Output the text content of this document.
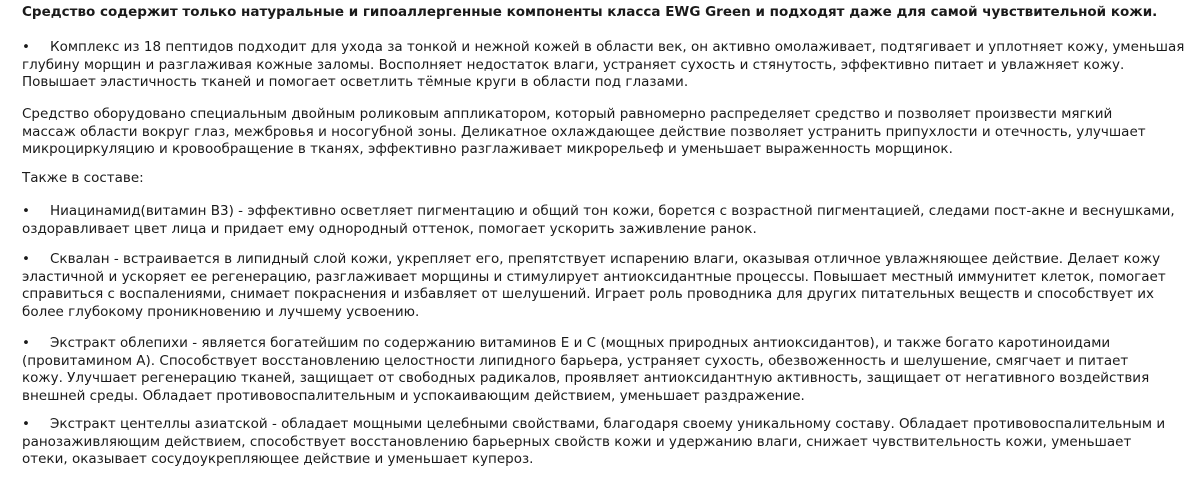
Средство содержит только натуральные и гипоаллергенные компоненты класса EWG Green и подходят даже для самой чувствительной кожи.

• Комплекс из 18 пептидов подходит для ухода за тонкой и нежной кожей в области век, он активно омолаживает, подтягивает и уплотняет кожу, уменьшая
глубину морщин и разглаживая кожные заломы. Восполняет недостаток влаги, устраняет сухость и стянутость, эффективно питает и увлажняет кожу.
Повышает эластичность тканей и помогает осветлить тёмные круги в области под глазами.

Средство оборудовано специальным двойным роликовым аппликатором, который равномерно распределяет средство и позволяет произвести мягкий
массаж области вокруг глаз, межбровья и носогубной зоны. Деликатное охлаждающее действие позволяет устранить припухлости и отечность, улучшает
микроциркуляцию и кровообращение в тканях, эффективно разглаживает микрорельеф и уменьшает выраженность морщинок.

Также в составе:

• Ниацинамид(витамин В3) - эффективно осветляет пигментацию и общий тон кожи, борется с возрастной пигментацией, следами пост-акне и веснушками,
оздоравливает цвет лица и придает ему однородный оттенок, помогает ускорить заживление ранок.

• Сквалан - встраивается в липидный слой кожи, укрепляет его, препятствует испарению влаги, оказывая отличное увлажняющее действие. Делает кожу
эластичной и ускоряет ее регенерацию, разглаживает морщины и стимулирует антиоксидантные процессы. Повышает местный иммунитет клеток, помогает
справиться с воспалениями, снимает покраснения и избавляет от шелушений. Играет роль проводника для других питательных веществ и способствует их
более глубокому проникновению и лучшему усвоению.

• Экстракт облепихи - является богатейшим по содержанию витаминов Е и С (мощных природных антиоксидантов), и также богато каротиноидами
(провитамином А). Способствует восстановлению целостности липидного барьера, устраняет сухость, обезвоженность и шелушение, смягчает и питает
кожу. Улучшает регенерацию тканей, защищает от свободных радикалов, проявляет антиоксидантную активность, защищает от негативного воздействия
внешней среды. Обладает противовоспалительным и успокаивающим действием, уменьшает раздражение.

• Экстракт центеллы азиатской - обладает мощными целебными свойствами, благодаря своему уникальному составу. Обладает противовоспалительным и
ранозаживляющим действием, способствует восстановлению барьерных свойств кожи и удержанию влаги, снижает чувствительность кожи, уменьшает
отеки, оказывает сосудоукрепляющее действие и уменьшает купероз.
